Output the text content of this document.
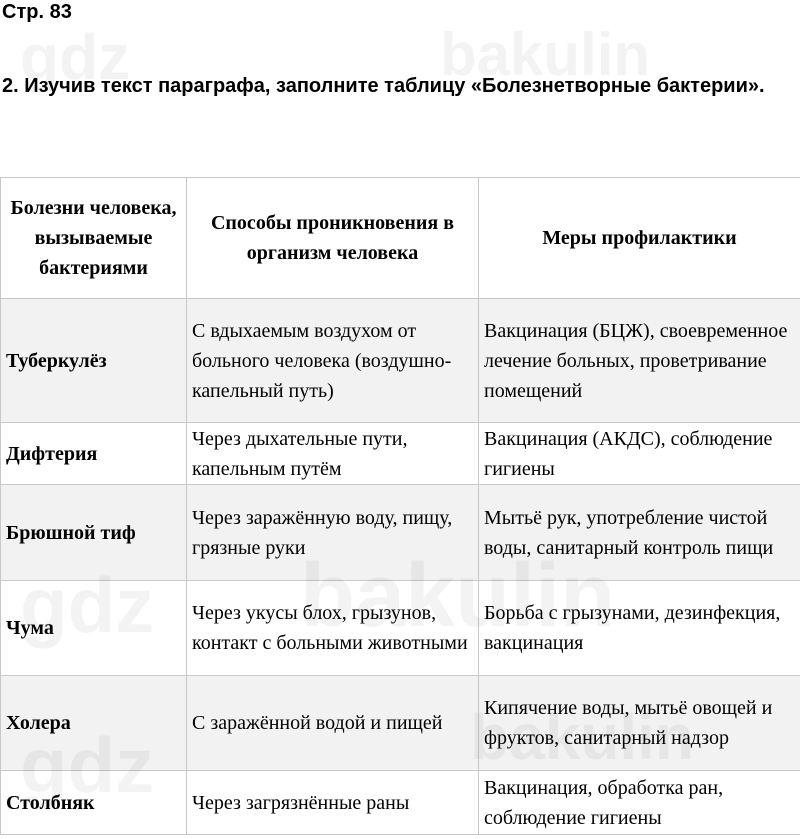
Стр. 83
2. Изучив текст параграфа, заполните таблицу «Болезнетворные бактерии».
Болезни человека, вызываемые бактериями	Способы проникновения в организм человека	Меры профилактики
Туберкулёз	С вдыхаемым воздухом от больного человека (воздушно-капельный путь)	Вакцинация (БЦЖ), своевременное лечение больных, проветривание помещений
Дифтерия	Через дыхательные пути, капельным путём	Вакцинация (АКДС), соблюдение гигиены
Брюшной тиф	Через заражённую воду, пищу, грязные руки	Мытьё рук, употребление чистой воды, санитарный контроль пищи
Чума	Через укусы блох, грызунов, контакт с больными животными	Борьба с грызунами, дезинфекция, вакцинация
Холера	С заражённой водой и пищей	Кипячение воды, мытьё овощей и фруктов, санитарный надзор
Столбняк	Через загрязнённые раны	Вакцинация, обработка ран, соблюдение гигиены
